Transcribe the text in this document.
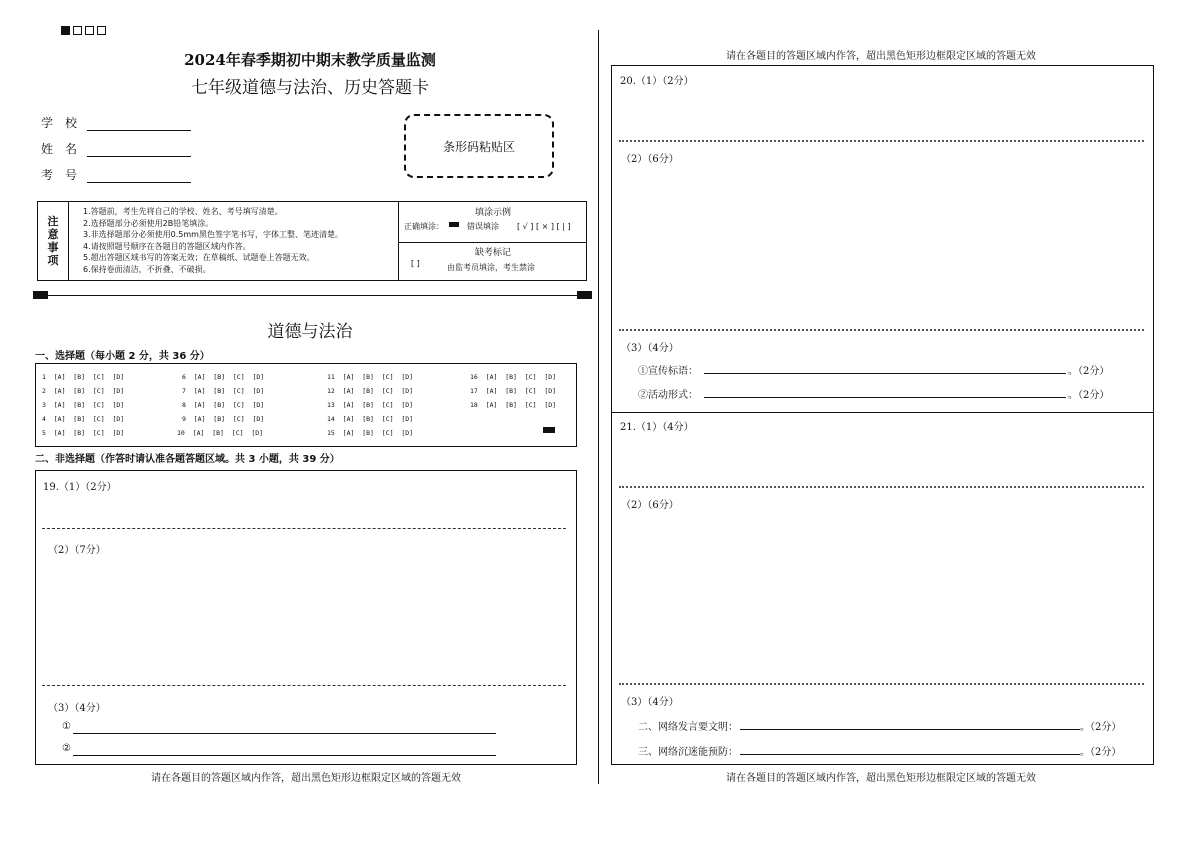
2024年春季期初中期末教学质量监测
七年级道德与法治、历史答题卡
学　校
姓　名
考　号
条形码粘贴区
注
意
事
项
1.答题前，考生先将自己的学校、姓名、考号填写清楚。
2.选择题部分必须使用2B铅笔填涂。
3.非选择题部分必须使用0.5mm黑色签字笔书写，字体工整、笔迹清楚。
4.请按照题号顺序在各题目的答题区域内作答。
5.超出答题区域书写的答案无效；在草稿纸、试题卷上答题无效。
6.保持卷面清洁，不折叠、不破损。
填涂示例
正确填涂：	错误填涂 [ √ ] [ × ] [ | ]
缺考标记
[ ]	由监考员填涂，考生禁涂
道德与法治
一、选择题（每小题 2 分，共 36 分）
1  [A]  [B]  [C]  [D]	6  [A]  [B]  [C]  [D]	11  [A]  [B]  [C]  [D]	16  [A]  [B]  [C]  [D]
2  [A]  [B]  [C]  [D]	7  [A]  [B]  [C]  [D]	12  [A]  [B]  [C]  [D]	17  [A]  [B]  [C]  [D]
3  [A]  [B]  [C]  [D]	8  [A]  [B]  [C]  [D]	13  [A]  [B]  [C]  [D]	18  [A]  [B]  [C]  [D]
4  [A]  [B]  [C]  [D]	9  [A]  [B]  [C]  [D]	14  [A]  [B]  [C]  [D]
5  [A]  [B]  [C]  [D]	10  [A]  [B]  [C]  [D]	15  [A]  [B]  [C]  [D]
二、非选择题（作答时请认准各题答题区域。共 3 小题，共 39 分）
19.（1）（2分）
（2）（7分）
（3）（4分）
①
②
请在各题目的答题区域内作答，超出黑色矩形边框限定区域的答题无效
请在各题目的答题区域内作答，超出黑色矩形边框限定区域的答题无效
20.（1）（2分）
（2）（6分）
（3）（4分）
①宣传标语：	。（2分）
②活动形式：	。（2分）
21.（1）（4分）
（2）（6分）
（3）（4分）
二、网络发言要文明：	。（2分）
三、网络沉迷能预防：	。（2分）
请在各题目的答题区域内作答，超出黑色矩形边框限定区域的答题无效
